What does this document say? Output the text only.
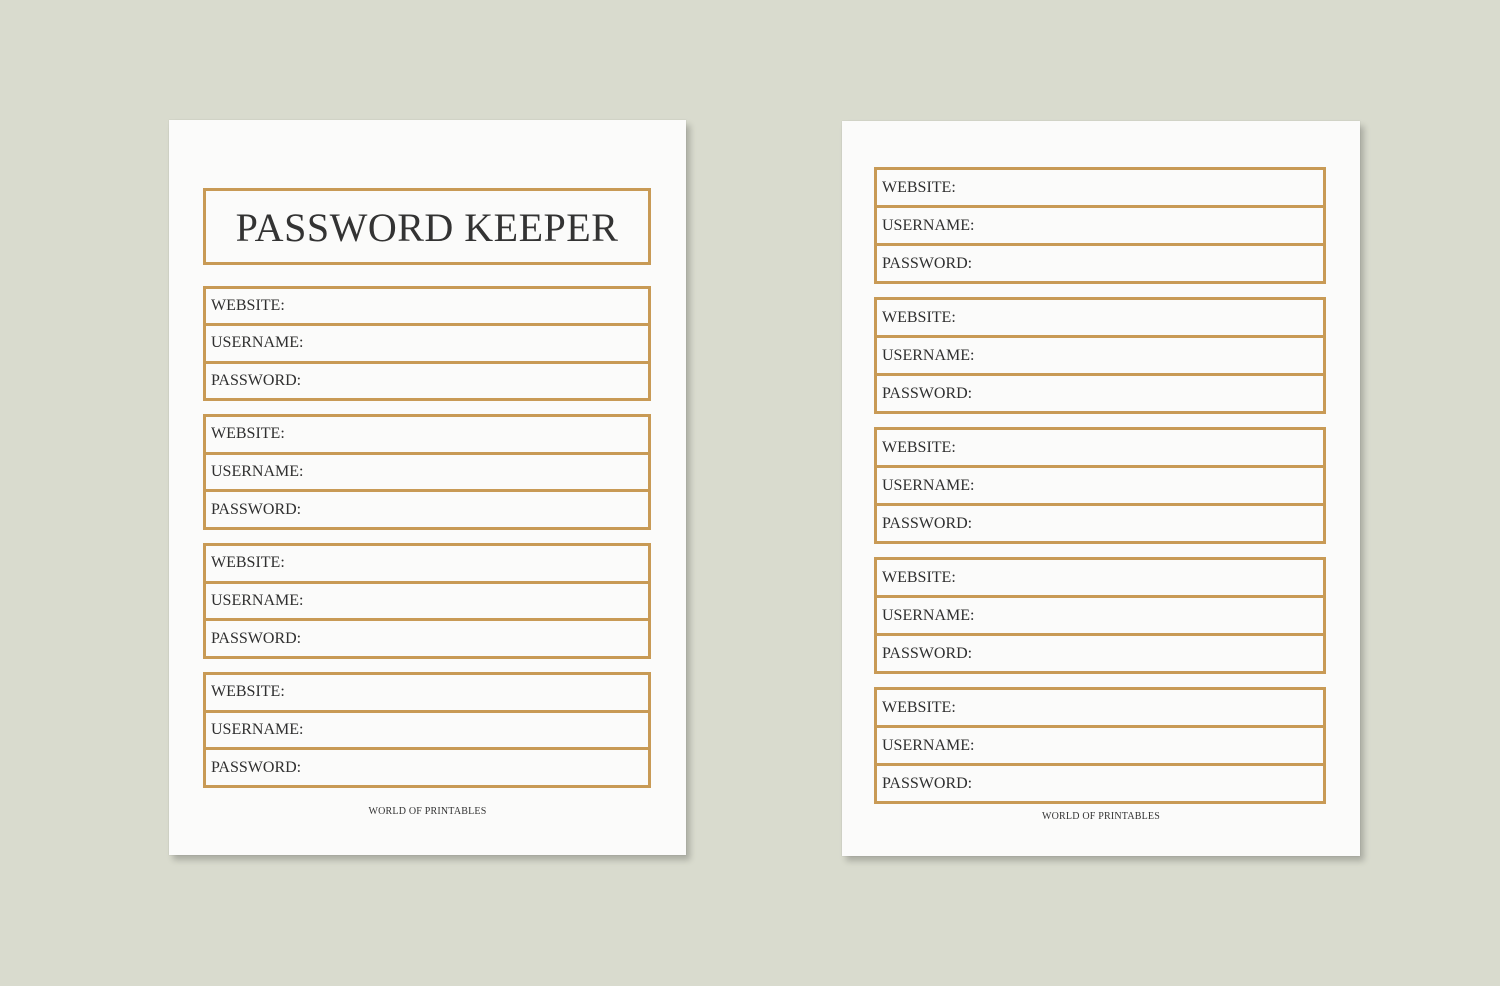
PASSWORD KEEPER
WEBSITE:
USERNAME:
PASSWORD:
WEBSITE:
USERNAME:
PASSWORD:
WEBSITE:
USERNAME:
PASSWORD:
WEBSITE:
USERNAME:
PASSWORD:
WORLD OF PRINTABLES
WEBSITE:
USERNAME:
PASSWORD:
WEBSITE:
USERNAME:
PASSWORD:
WEBSITE:
USERNAME:
PASSWORD:
WEBSITE:
USERNAME:
PASSWORD:
WEBSITE:
USERNAME:
PASSWORD:
WORLD OF PRINTABLES
